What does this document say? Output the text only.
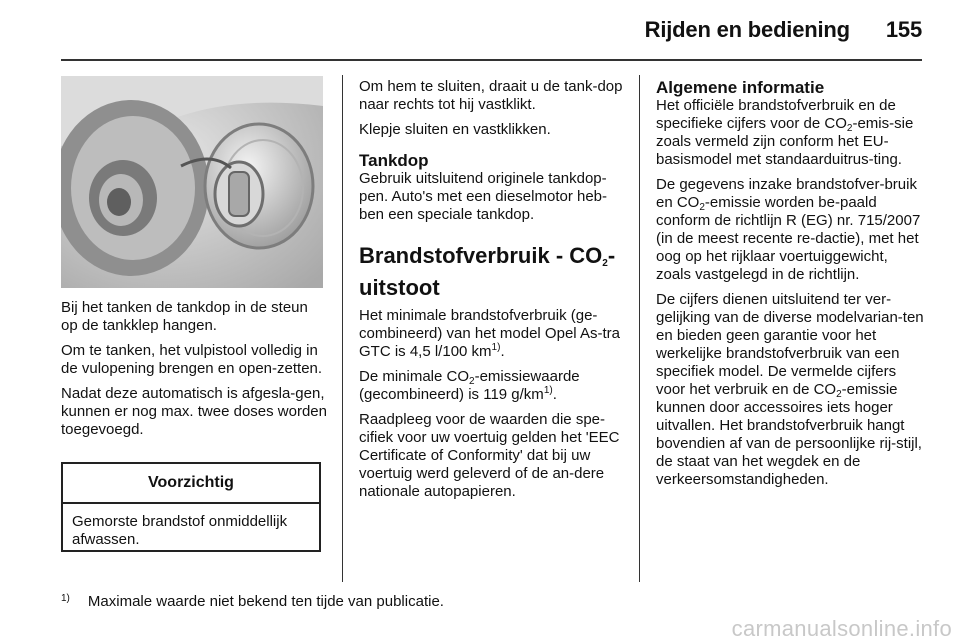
Rijden en bediening 155

Bij het tanken de tankdop in de steun op de tankklep hangen.

Om te tanken, het vulpistool volledig in de vulopening brengen en open-zetten.

Nadat deze automatisch is afgesla-gen, kunnen er nog max. twee doses worden toegevoegd.

Voorzichtig
Gemorste brandstof onmiddellijk afwassen.

Om hem te sluiten, draait u de tank-dop naar rechts tot hij vastklikt.

Klepje sluiten en vastklikken.

Tankdop

Gebruik uitsluitend originele tankdop-pen. Auto's met een dieselmotor heb-ben een speciale tankdop.

Brandstofverbruik - $CO_2$-uitstoot

Het minimale brandstofverbruik (ge-combineerd) van het model Opel As-tra GTC is 4,5 l/100 $km^{1)}$.

De minimale $CO_2$-emissiewaarde (gecombineerd) is 119 $g/km^{1)}$.

Raadpleeg voor de waarden die spe-cifiek voor uw voertuig gelden het 'EEC Certificate of Conformity' dat bij uw voertuig werd geleverd of de an-dere nationale autopapieren.

Algemene informatie

Het officiële brandstofverbruik en de specifieke cijfers voor de $CO_2-emis$-sie zoals vermeld zijn conform het EU-basismodel met standaarduitrus-ting.

De gegevens inzake brandstofver-bruik en $CO_2$-emissie worden be-paald conform de richtlijn R (EG) nr. 715/2007 (in de meest recente re-dactie), met het oog op het rijklaar voertuiggewicht, zoals vastgelegd in de richtlijn.

De cijfers dienen uitsluitend ter ver-gelijking van de diverse modelvarian-ten en bieden geen garantie voor het werkelijke brandstofverbruik van een specifiek model. De vermelde cijfers voor het verbruik en de $CO_2$-emissie kunnen door accessoires iets hoger uitvallen. Het brandstofverbruik hangt bovendien af van de persoonlijke rij-stijl, de staat van het wegdek en de verkeersomstandigheden.

$^{1)}$ Maximale waarde niet bekend ten tijde van publicatie.
carmanualsonline.info
